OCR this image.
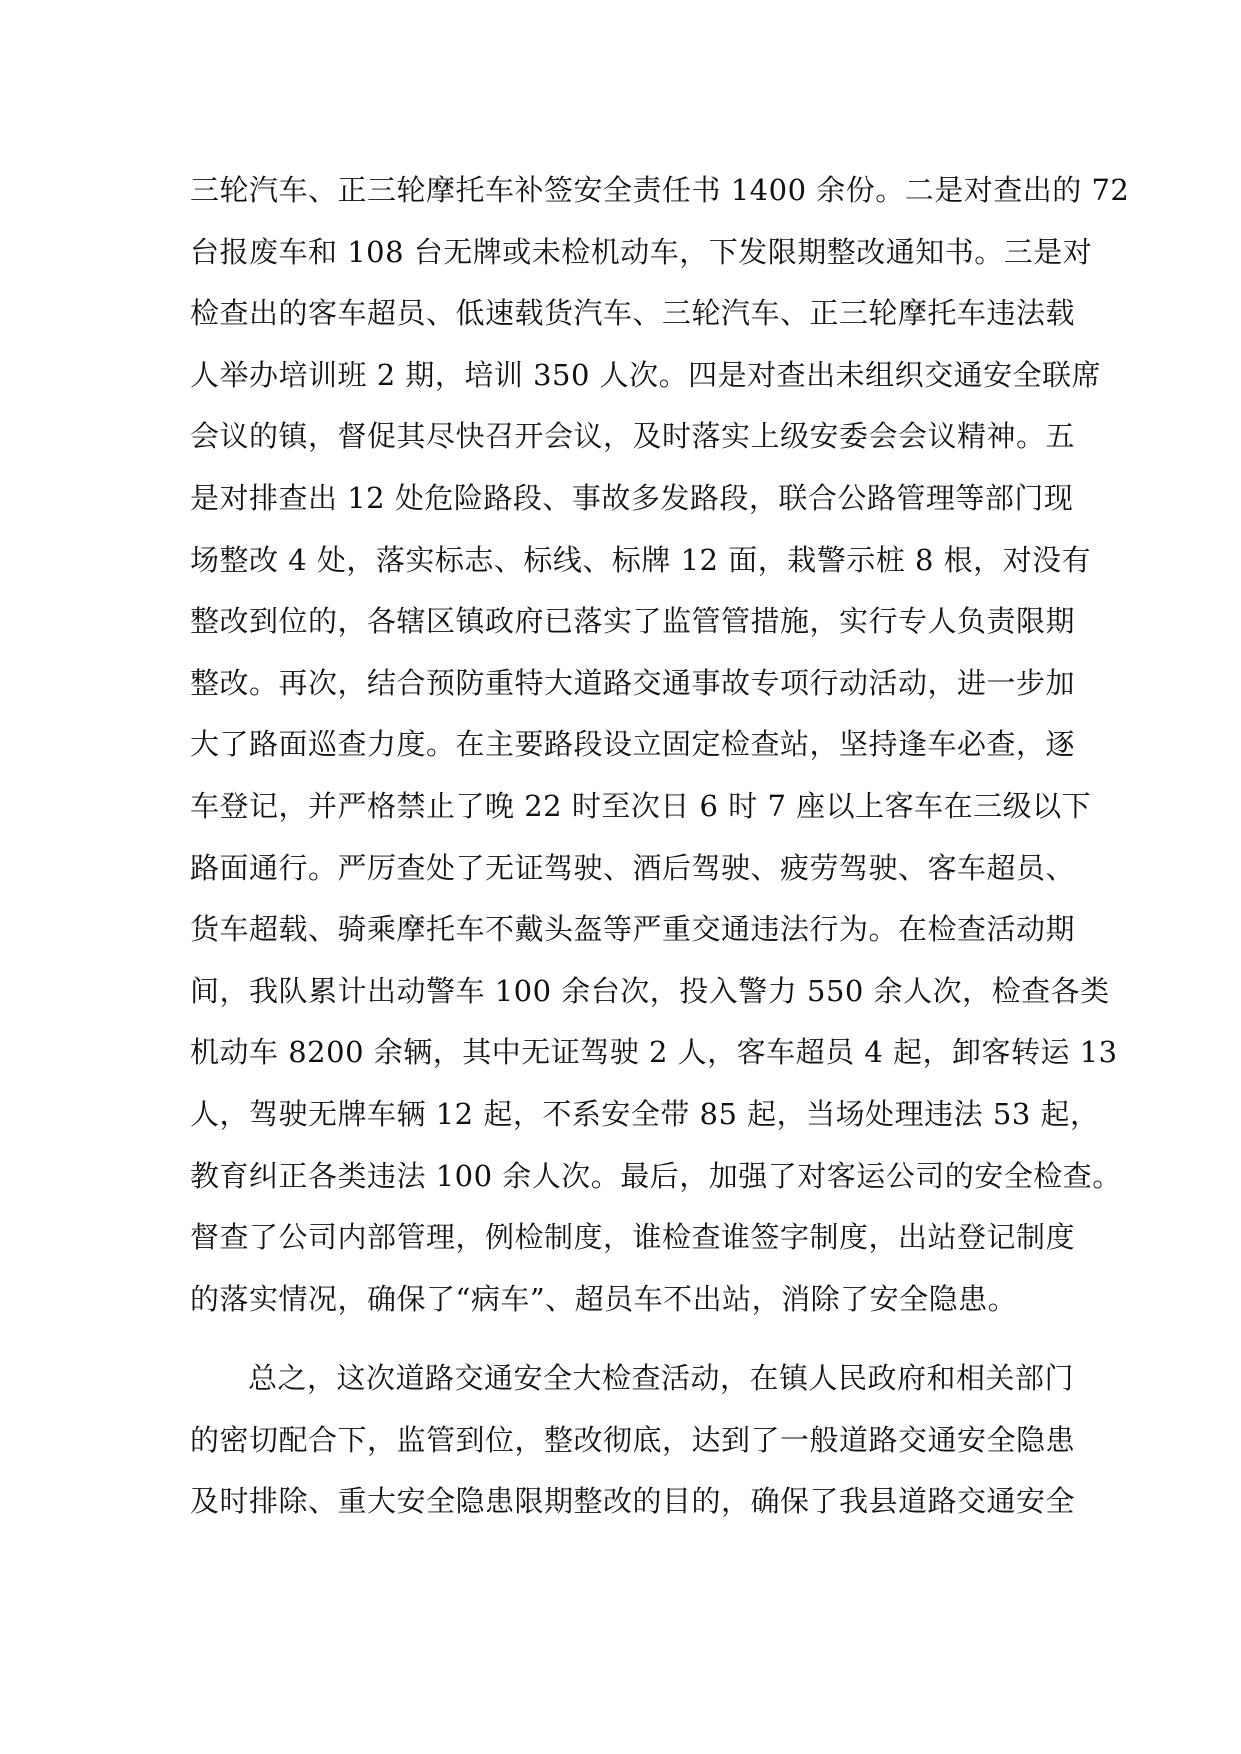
三轮汽车、正三轮摩托车补签安全责任书 1400 余份。二是对查出的 72
台报废车和 108 台无牌或未检机动车，下发限期整改通知书。三是对
检查出的客车超员、低速载货汽车、三轮汽车、正三轮摩托车违法载
人举办培训班 2 期，培训 350 人次。四是对查出未组织交通安全联席
会议的镇，督促其尽快召开会议，及时落实上级安委会会议精神。五
是对排查出 12 处危险路段、事故多发路段，联合公路管理等部门现
场整改 4 处，落实标志、标线、标牌 12 面，栽警示桩 8 根，对没有
整改到位的，各辖区镇政府已落实了监管管措施，实行专人负责限期
整改。再次，结合预防重特大道路交通事故专项行动活动，进一步加
大了路面巡查力度。在主要路段设立固定检查站，坚持逢车必查，逐
车登记，并严格禁止了晚 22 时至次日 6 时 7 座以上客车在三级以下
路面通行。严厉查处了无证驾驶、酒后驾驶、疲劳驾驶、客车超员、
货车超载、骑乘摩托车不戴头盔等严重交通违法行为。在检查活动期
间，我队累计出动警车 100 余台次，投入警力 550 余人次，检查各类
机动车 8200 余辆，其中无证驾驶 2 人，客车超员 4 起，卸客转运 13
人，驾驶无牌车辆 12 起，不系安全带 85 起，当场处理违法 53 起，
教育纠正各类违法 100 余人次。最后，加强了对客运公司的安全检查。
督查了公司内部管理，例检制度，谁检查谁签字制度，出站登记制度
的落实情况，确保了“病车”、超员车不出站，消除了安全隐患。
总之，这次道路交通安全大检查活动，在镇人民政府和相关部门
的密切配合下，监管到位，整改彻底，达到了一般道路交通安全隐患
及时排除、重大安全隐患限期整改的目的，确保了我县道路交通安全
